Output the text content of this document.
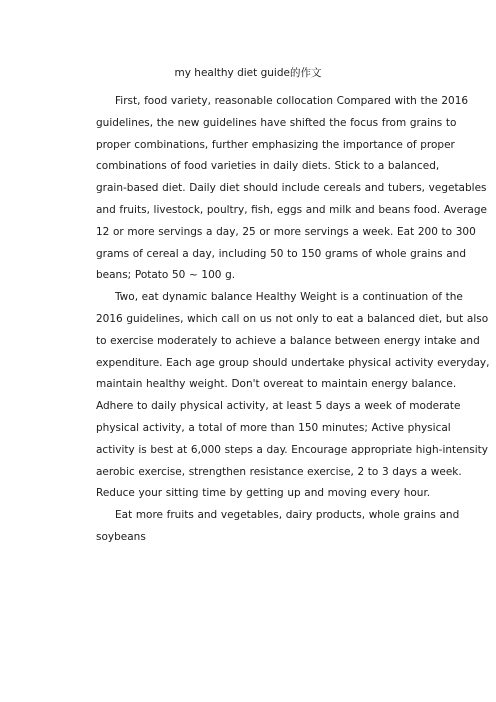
my healthy diet guide的作文

First, food variety, reasonable collocation Compared with the 2016
guidelines, the new guidelines have shifted the focus from grains to
proper combinations, further emphasizing the importance of proper
combinations of food varieties in daily diets. Stick to a balanced,
grain-based diet. Daily diet should include cereals and tubers, vegetables
and fruits, livestock, poultry, fish, eggs and milk and beans food. Average
12 or more servings a day, 25 or more servings a week. Eat 200 to 300
grams of cereal a day, including 50 to 150 grams of whole grains and
beans; Potato 50 ~ 100 g.

Two, eat dynamic balance Healthy Weight is a continuation of the
2016 guidelines, which call on us not only to eat a balanced diet, but also
to exercise moderately to achieve a balance between energy intake and
expenditure. Each age group should undertake physical activity everyday,
maintain healthy weight. Don't overeat to maintain energy balance.
Adhere to daily physical activity, at least 5 days a week of moderate
physical activity, a total of more than 150 minutes; Active physical
activity is best at 6,000 steps a day. Encourage appropriate high-intensity
aerobic exercise, strengthen resistance exercise, 2 to 3 days a week.
Reduce your sitting time by getting up and moving every hour.

Eat more fruits and vegetables, dairy products, whole grains and
soybeans
